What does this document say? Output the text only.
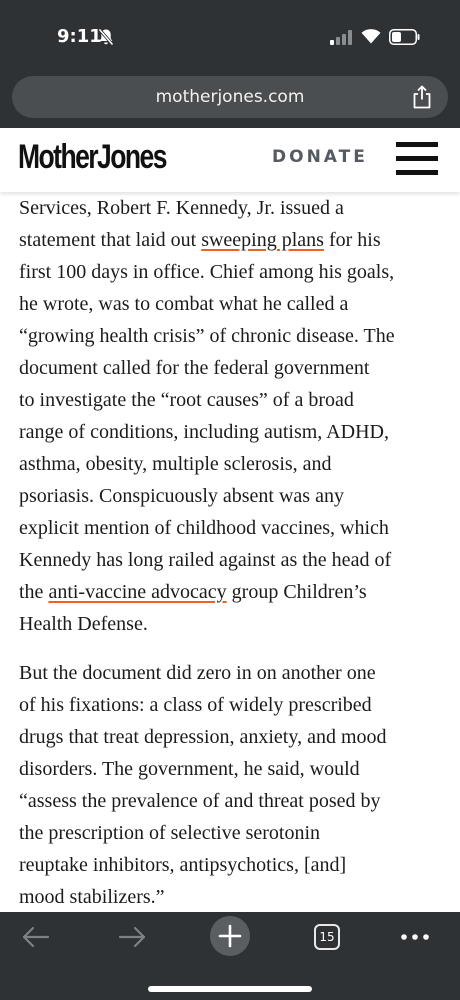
9:11
motherjones.com
MotherJones	DONATE
Services, Robert F. Kennedy, Jr. issued a
statement that laid out sweeping plans for his
first 100 days in office. Chief among his goals,
he wrote, was to combat what he called a
“growing health crisis” of chronic disease. The
document called for the federal government
to investigate the “root causes” of a broad
range of conditions, including autism, ADHD,
asthma, obesity, multiple sclerosis, and
psoriasis. Conspicuously absent was any
explicit mention of childhood vaccines, which
Kennedy has long railed against as the head of
the anti-vaccine advocacy group Children’s
Health Defense.
But the document did zero in on another one
of his fixations: a class of widely prescribed
drugs that treat depression, anxiety, and mood
disorders. The government, he said, would
“assess the prevalence of and threat posed by
the prescription of selective serotonin
reuptake inhibitors, antipsychotics, [and]
mood stabilizers.”
15
